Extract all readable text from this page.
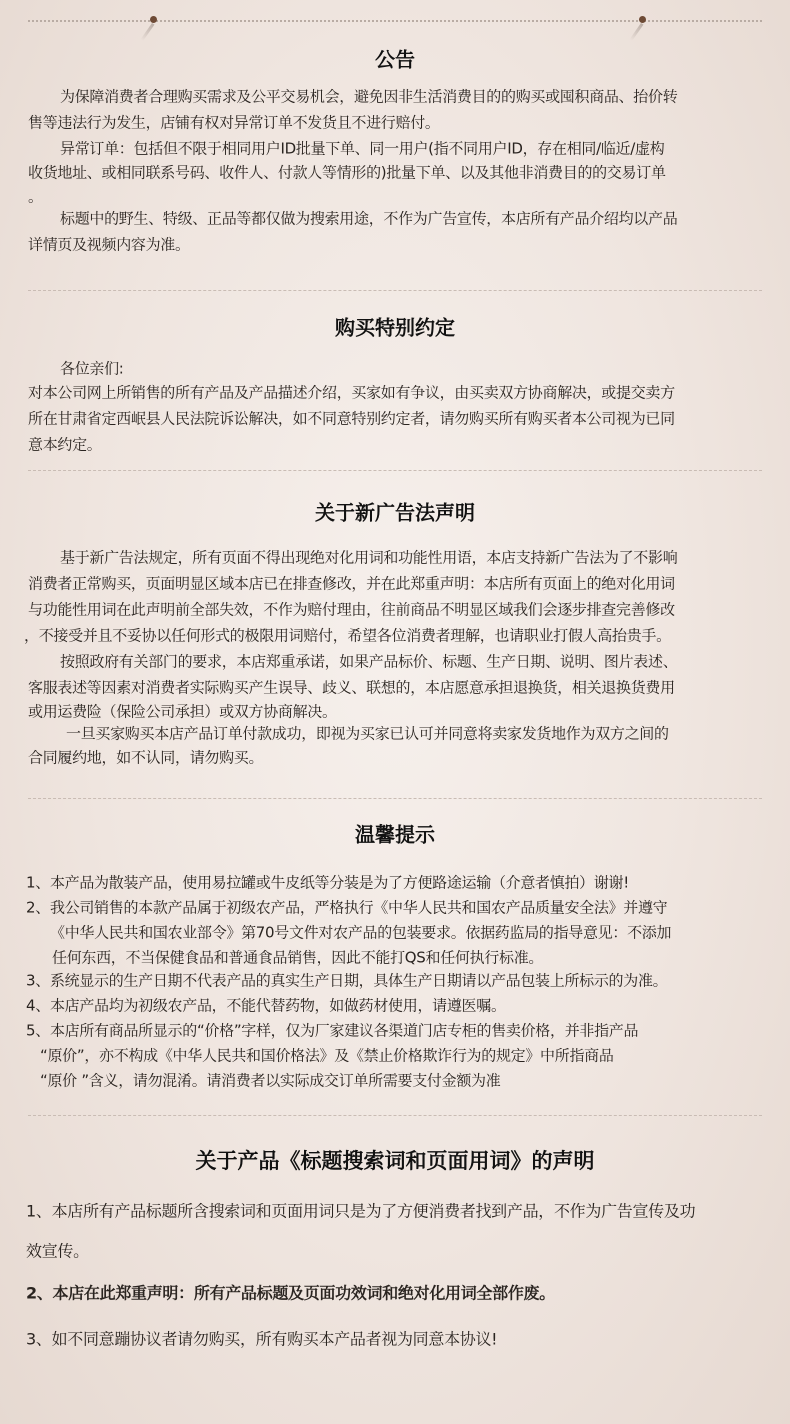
公告
为保障消费者合理购买需求及公平交易机会，避免因非生活消费目的的购买或囤积商品、抬价转
售等违法行为发生，店铺有权对异常订单不发货且不进行赔付。
异常订单：包括但不限于相同用户ID批量下单、同一用户(指不同用户ID，存在相同/临近/虚构
收货地址、或相同联系号码、收件人、付款人等情形的)批量下单、以及其他非消费目的的交易订单
。
标题中的野生、特级、正品等都仅做为搜索用途，不作为广告宣传，本店所有产品介绍均以产品
详情页及视频内容为准。
购买特别约定
各位亲们:
对本公司网上所销售的所有产品及产品描述介绍，买家如有争议，由买卖双方协商解决，或提交卖方
所在甘肃省定西岷县人民法院诉讼解决，如不同意特别约定者，请勿购买所有购买者本公司视为已同
意本约定。
关于新广告法声明
基于新广告法规定，所有页面不得出现绝对化用词和功能性用语，本店支持新广告法为了不影响
消费者正常购买，页面明显区域本店已在排查修改，并在此郑重声明：本店所有页面上的绝对化用词
与功能性用词在此声明前全部失效，不作为赔付理由，往前商品不明显区域我们会逐步排查完善修改
，不接受并且不妥协以任何形式的极限用词赔付，希望各位消费者理解，也请职业打假人高抬贵手。
按照政府有关部门的要求，本店郑重承诺，如果产品标价、标题、生产日期、说明、图片表述、
客服表述等因素对消费者实际购买产生误导、歧义、联想的，本店愿意承担退换货，相关退换货费用
或用运费险（保险公司承担）或双方协商解决。
一旦买家购买本店产品订单付款成功，即视为买家已认可并同意将卖家发货地作为双方之间的
合同履约地，如不认同，请勿购买。
温馨提示
1、本产品为散装产品，使用易拉罐或牛皮纸等分装是为了方便路途运输（介意者慎拍）谢谢!
2、我公司销售的本款产品属于初级农产品，严格执行《中华人民共和国农产品质量安全法》并遵守
《中华人民共和国农业部令》第70号文件对农产品的包装要求。依据药监局的指导意见：不添加
任何东西，不当保健食品和普通食品销售，因此不能打QS和任何执行标准。
3、系统显示的生产日期不代表产品的真实生产日期，具体生产日期请以产品包装上所标示的为准。
4、本店产品均为初级农产品，不能代替药物，如做药材使用，请遵医嘱。
5、本店所有商品所显示的“价格”字样，仅为厂家建议各渠道门店专柜的售卖价格，并非指产品
“原价”，亦不构成《中华人民共和国价格法》及《禁止价格欺诈行为的规定》中所指商品
“原价 ”含义，请勿混淆。请消费者以实际成交订单所需要支付金额为准
关于产品《标题搜索词和页面用词》的声明
1、本店所有产品标题所含搜索词和页面用词只是为了方便消费者找到产品，不作为广告宣传及功
效宣传。
2、本店在此郑重声明：所有产品标题及页面功效词和绝对化用词全部作废。
3、如不同意蹦协议者请勿购买，所有购买本产品者视为同意本协议!
